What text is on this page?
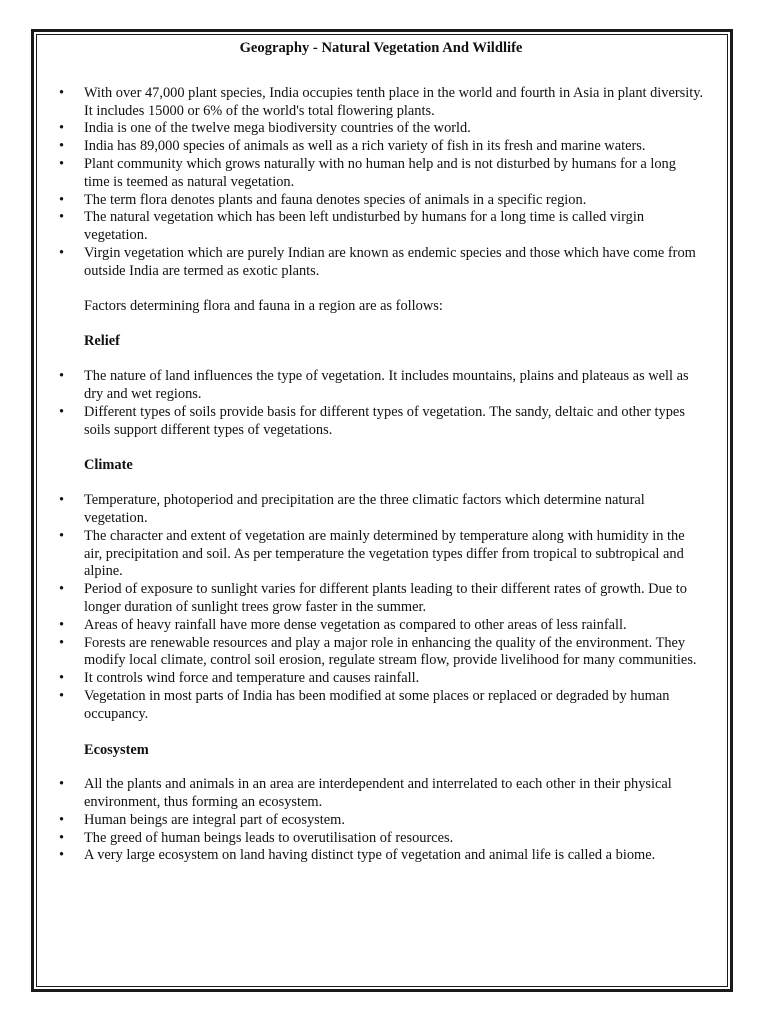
Geography - Natural Vegetation And Wildlife
• With over 47,000 plant species, India occupies tenth place in the world and fourth in Asia in plant diversity. It includes 15000 or 6% of the world's total flowering plants.
• India is one of the twelve mega biodiversity countries of the world.
• India has 89,000 species of animals as well as a rich variety of fish in its fresh and marine waters.
• Plant community which grows naturally with no human help and is not disturbed by humans for a long time is teemed as natural vegetation.
• The term flora denotes plants and fauna denotes species of animals in a specific region.
• The natural vegetation which has been left undisturbed by humans for a long time is called virgin vegetation.
• Virgin vegetation which are purely Indian are known as endemic species and those which have come from outside India are termed as exotic plants.
Factors determining flora and fauna in a region are as follows:
Relief
• The nature of land influences the type of vegetation. It includes mountains, plains and plateaus as well as dry and wet regions.
• Different types of soils provide basis for different types of vegetation. The sandy, deltaic and other types soils support different types of vegetations.
Climate
• Temperature, photoperiod and precipitation are the three climatic factors which determine natural vegetation.
• The character and extent of vegetation are mainly determined by temperature along with humidity in the air, precipitation and soil. As per temperature the vegetation types differ from tropical to subtropical and alpine.
• Period of exposure to sunlight varies for different plants leading to their different rates of growth. Due to longer duration of sunlight trees grow faster in the summer.
• Areas of heavy rainfall have more dense vegetation as compared to other areas of less rainfall.
• Forests are renewable resources and play a major role in enhancing the quality of the environment. They modify local climate, control soil erosion, regulate stream flow, provide livelihood for many communities.
• It controls wind force and temperature and causes rainfall.
• Vegetation in most parts of India has been modified at some places or replaced or degraded by human occupancy.
Ecosystem
• All the plants and animals in an area are interdependent and interrelated to each other in their physical environment, thus forming an ecosystem.
• Human beings are integral part of ecosystem.
• The greed of human beings leads to overutilisation of resources.
• A very large ecosystem on land having distinct type of vegetation and animal life is called a biome.
